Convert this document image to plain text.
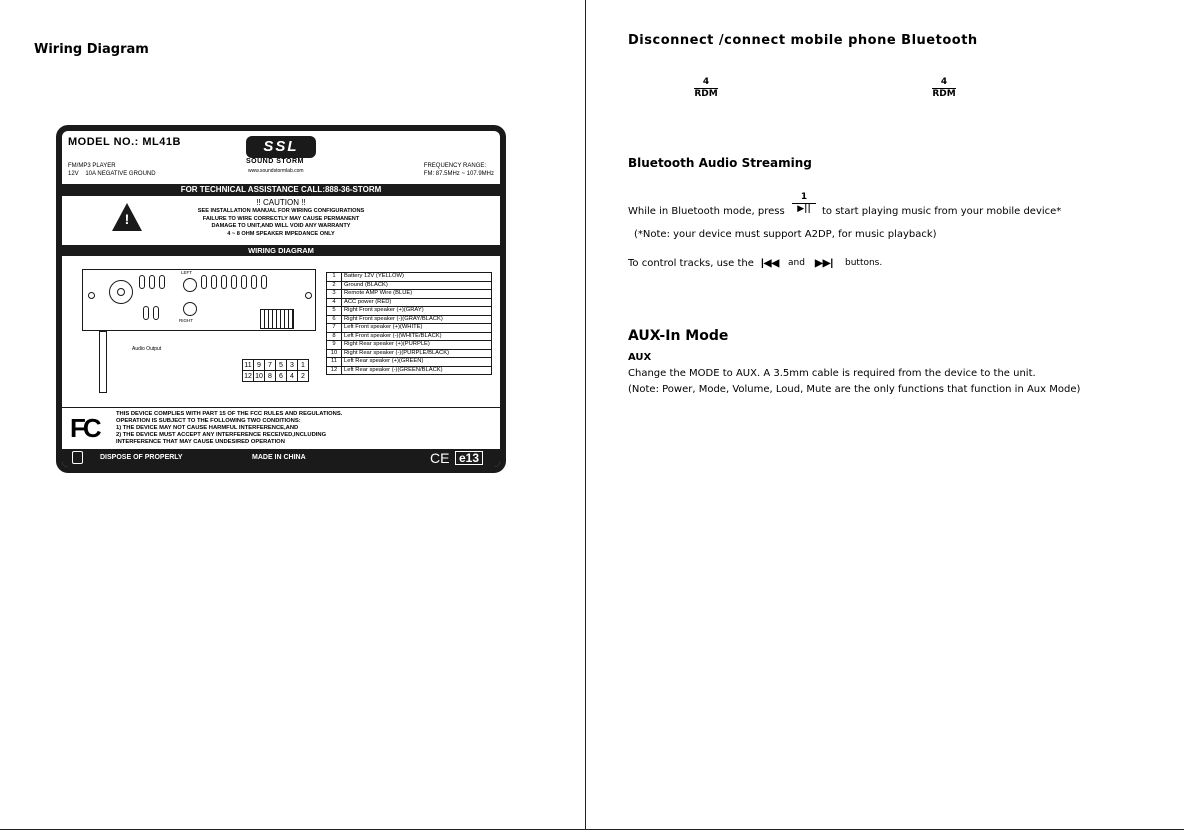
Wiring Diagram
MODEL NO.: ML41B	SSL
SOUND STORM
www.soundstormlab.com
FM/MP3 PLAYER
12V    10A NEGATIVE GROUND
FREQUENCY RANGE:
FM: 87.5MHz ~ 107.9MHz
FOR TECHNICAL ASSISTANCE CALL:888-36-STORM
!
!! CAUTION !!
SEE INSTALLATION MANUAL FOR WIRING CONFIGURATIONS
FAILURE TO WIRE CORRECTLY MAY CAUSE PERMANENT
DAMAGE TO UNIT,AND WILL VOID ANY WARRANTY
4 ~ 8 OHM SPEAKER IMPEDANCE ONLY
WIRING DIAGRAM
LEFT
RIGHT
Audio Output
11	9	7	5	3	1
12	10	8	6	4	2
1	Battery 12V (YELLOW)
2	Ground (BLACK)
3	Remote AMP Wire (BLUE)
4	ACC power (RED)
5	Right Front speaker (+)(GRAY)
6	Right Front speaker (-)(GRAY/BLACK)
7	Left Front speaker (+)(WHITE)
8	Left Front speaker (-)(WHITE/BLACK)
9	Right Rear speaker (+)(PURPLE)
10	Right Rear speaker (-)(PURPLE/BLACK)
11	Left Rear speaker (+)(GREEN)
12	Left Rear speaker (-)(GREEN/BLACK)
FC	THIS DEVICE COMPLIES WITH PART 15 OF THE FCC RULES AND REGULATIONS.
OPERATION IS SUBJECT TO THE FOLLOWING TWO CONDITIONS:
1) THE DEVICE MAY NOT CAUSE HARMFUL INTERFERENCE,AND
2) THE DEVICE MUST ACCEPT ANY INTERFERENCE RECEIVED,INCLUDING
INTERFERENCE THAT MAY CAUSE UNDESIRED OPERATION
DISPOSE OF PROPERLY	MADE IN CHINA	CE e13
Disconnect /connect mobile phone Bluetooth
4
RDM
4
RDM
Bluetooth Audio Streaming
1
▶||
While in Bluetooth mode, press	to start playing music from your mobile device*
(*Note: your device must support A2DP, for music playback)
To control tracks, use the |◀◀ and ▶▶| buttons.
AUX-In Mode
AUX
Change the MODE to AUX. A 3.5mm cable is required from the device to the unit.
(Note: Power, Mode, Volume, Loud, Mute are the only functions that function in Aux Mode)
